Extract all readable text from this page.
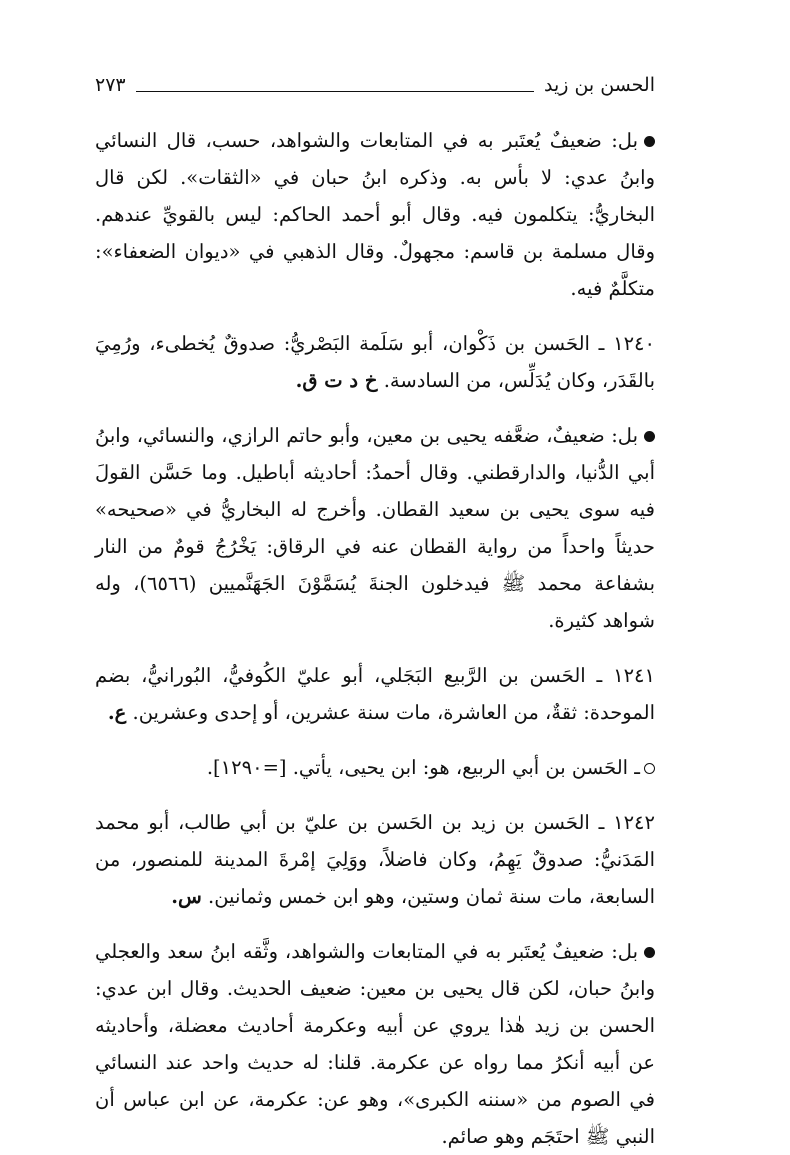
الحسن بن زيد
٢٧٣

بل: ضعيفٌ يُعتَبر به في المتابعات والشواهد، حسب، قال النسائي وابنُ عدي: لا بأس به. وذكره ابنُ حبان في «الثقات». لكن قال البخاريُّ: يتكلمون فيه. وقال أبو أحمد الحاكم: ليس بالقويِّ عندهم. وقال مسلمة بن قاسم: مجهولٌ. وقال الذهبي في «ديوان الضعفاء»: متكلَّمٌ فيه.

١٢٤٠ ـ الحَسن بن ذَكْوان، أبو سَلَمة البَصْريُّ: صدوقٌ يُخطىء، ورُمِيَ بالقَدَر، وكان يُدَلِّس، من السادسة. خ د ت ق.

بل: ضعيفٌ، ضعَّفه يحيى بن معين، وأبو حاتم الرازي، والنسائي، وابنُ أبي الدُّنيا، والدارقطني. وقال أحمدُ: أحاديثه أباطيل. وما حَسَّن القولَ فيه سوى يحيى بن سعيد القطان. وأخرج له البخاريُّ في «صحيحه» حديثاً واحداً من رواية القطان عنه في الرقاق: يَخْرُجُ قومٌ من النار بشفاعة محمد ﷺ فيدخلون الجنةَ يُسَمَّوْنَ الجَهَنَّميين (٦٥٦٦)، وله شواهد كثيرة.

١٢٤١ ـ الحَسن بن الرَّبيع البَجَلي، أبو عليّ الكُوفيُّ، البُورانيُّ، بضم الموحدة: ثقةٌ، من العاشرة، مات سنة عشرين، أو إحدى وعشرين. ع.

ـ الحَسن بن أبي الربيع، هو: ابن يحيى، يأتي. [=١٢٩٠].

١٢٤٢ ـ الحَسن بن زيد بن الحَسن بن عليّ بن أبي طالب، أبو محمد المَدَنيُّ: صدوقٌ يَهِمُ، وكان فاضلاً، ووَلِيَ إمْرةَ المدينة للمنصور، من السابعة، مات سنة ثمان وستين، وهو ابن خمس وثمانين. س.

بل: ضعيفٌ يُعتَبر به في المتابعات والشواهد، وثَّقه ابنُ سعد والعجلي وابنُ حبان، لكن قال يحيى بن معين: ضعيف الحديث. وقال ابن عدي: الحسن بن زيد هٰذا يروي عن أبيه وعكرمة أحاديث معضلة، وأحاديثه عن أبيه أنكرُ مما رواه عن عكرمة. قلنا: له حديث واحد عند النسائي في الصوم من «سننه الكبرى»، وهو عن: عكرمة، عن ابن عباس أن النبي ﷺ احتَجَم وهو صائم.
